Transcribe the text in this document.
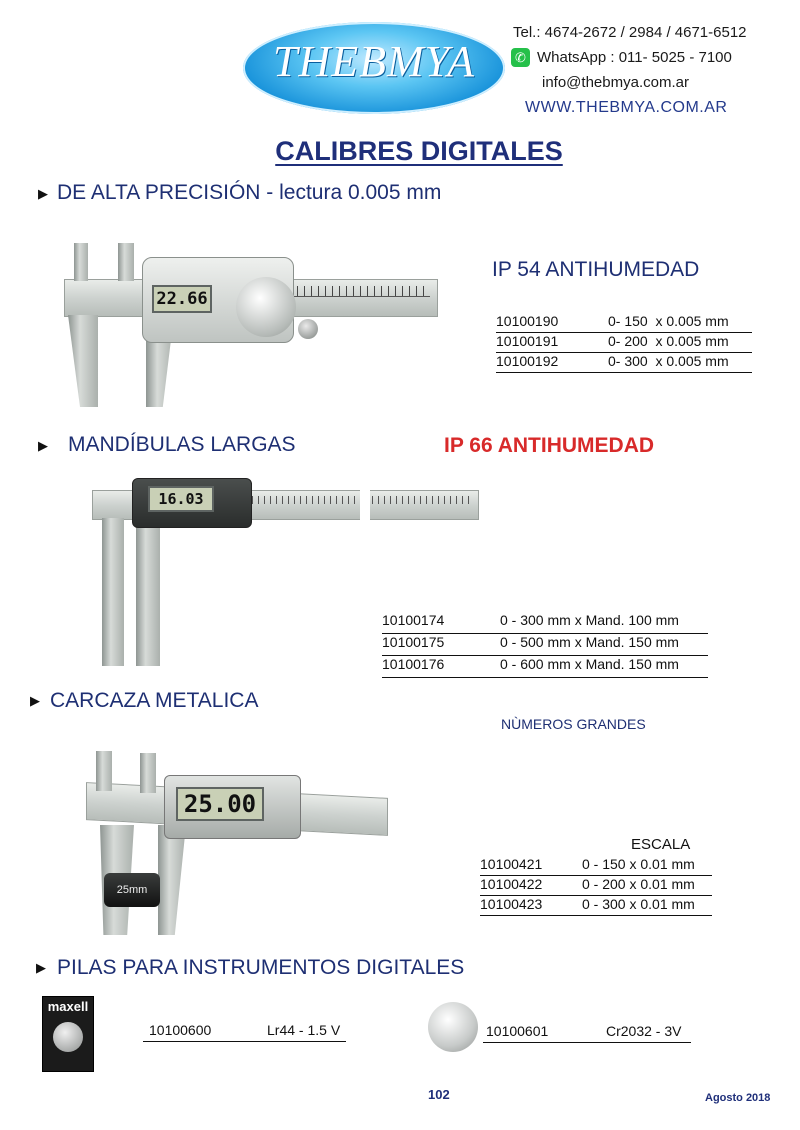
THEBMYA
Tel.: 4674-2672 / 2984 / 4671-6512
✆ WhatsApp : 011- 5025 - 7100
info@thebmya.com.ar
WWW.THEBMYA.COM.AR
CALIBRES DIGITALES
▶ DE ALTA PRECISIÓN - lectura 0.005 mm
22.66
IP 54 ANTIHUMEDAD
10100190	0- 150  x 0.005 mm
10100191	0- 200  x 0.005 mm
10100192	0- 300  x 0.005 mm
▶ MANDÍBULAS LARGAS	IP 66 ANTIHUMEDAD
16.03
10100174	0 - 300 mm x Mand. 100 mm
10100175	0 - 500 mm x Mand. 150 mm
10100176	0 - 600 mm x Mand. 150 mm
▶ CARCAZA METALICA
NÙMEROS GRANDES
25.00
25mm
ESCALA
10100421	0 - 150 x 0.01 mm
10100422	0 - 200 x 0.01 mm
10100423	0 - 300 x 0.01 mm
▶ PILAS PARA INSTRUMENTOS DIGITALES
maxell
10100600	Lr44 - 1.5 V	10100601	Cr2032 - 3V
102	Agosto 2018
